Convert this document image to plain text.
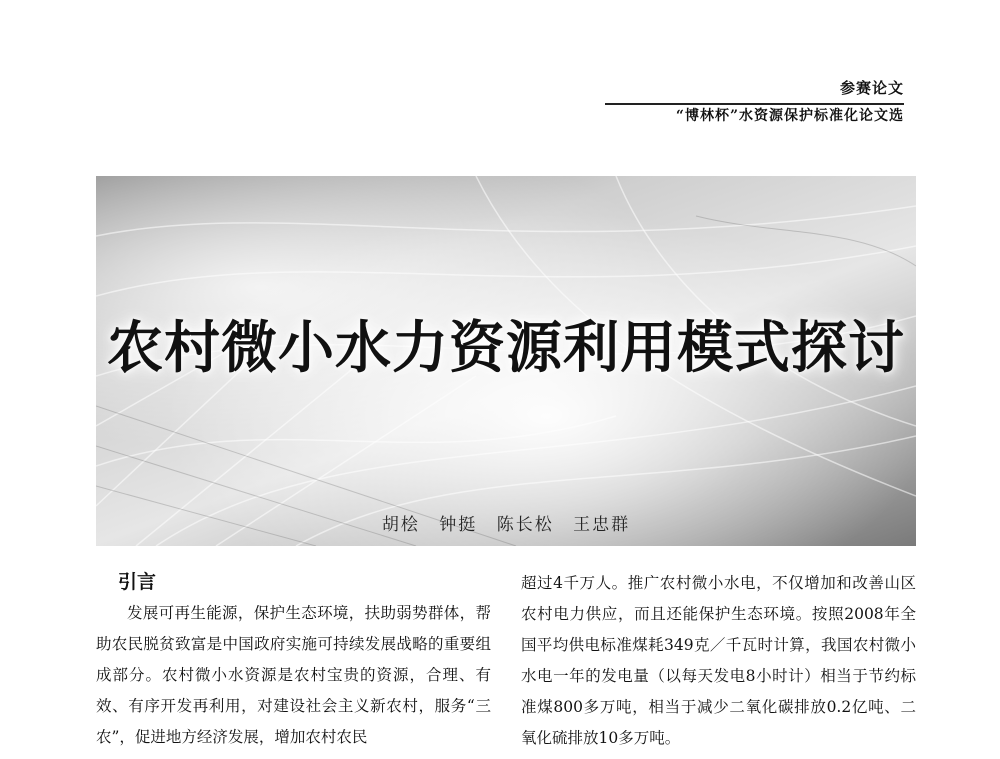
参赛论文
“博林杯”水资源保护标准化论文选
农村微小水力资源利用模式探讨
胡桧 钟挺 陈长松 王忠群
引言

发展可再生能源，保护生态环境，扶助弱势群体，帮助农民脱贫致富是中国政府实施可持续发展战略的重要组成部分。农村微小水资源是农村宝贵的资源，合理、有效、有序开发再利用，对建设社会主义新农村，服务“三农”，促进地方经济发展，增加农村农民

超过4千万人。推广农村微小水电，不仅增加和改善山区农村电力供应，而且还能保护生态环境。按照2008年全国平均供电标准煤耗349克／千瓦时计算，我国农村微小水电一年的发电量（以每天发电8小时计）相当于节约标准煤800多万吨，相当于减少二氧化碳排放0.2亿吨、二氧化硫排放10多万吨。
